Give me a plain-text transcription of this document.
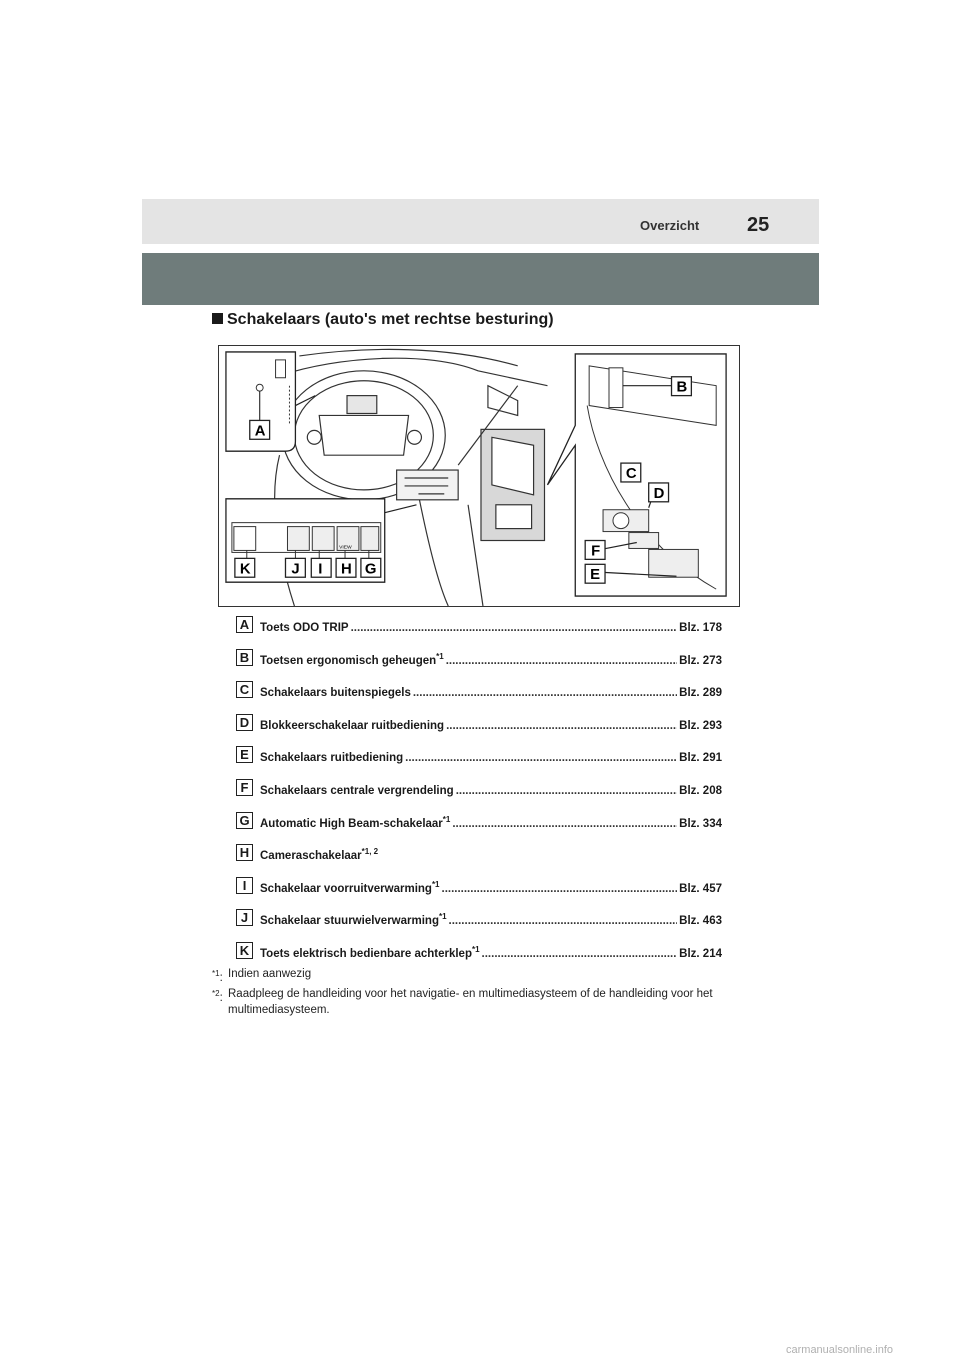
Overzicht 25
Schakelaars (auto's met rechtse besturing)
A
VIEW
K	J I H G
B
C
D
F
E
A Toets ODO TRIP .....	Blz. 178
B Toetsen ergonomisch geheugen$^{*1}$ .....	Blz. 273
C Schakelaars buitenspiegels .....	Blz. 289
D Blokkeerschakelaar ruitbediening .....	Blz. 293
E Schakelaars ruitbediening .....	Blz. 291
F	Schakelaars centrale vergrendeling .....	Blz. 208
G Automatic High Beam-schakelaar$^{*1}$ .....	Blz. 334
H Cameraschakelaar$^{*1, 2}$
I	Schakelaar voorruitverwarming$^{*1}$ .....	Blz. 457
J	Schakelaar stuurwielverwarming$^{*1}$ .....	Blz. 463
K Toets elektrisch bedienbare achterklep$^{*1}$ .....	Blz. 214
$^{*1}$: Indien aanwezig
$^{*2}$: Raadpleeg de handleiding voor het navigatie- en multimediasysteem of de handleiding voor het multimediasysteem.
carmanualsonline.info
